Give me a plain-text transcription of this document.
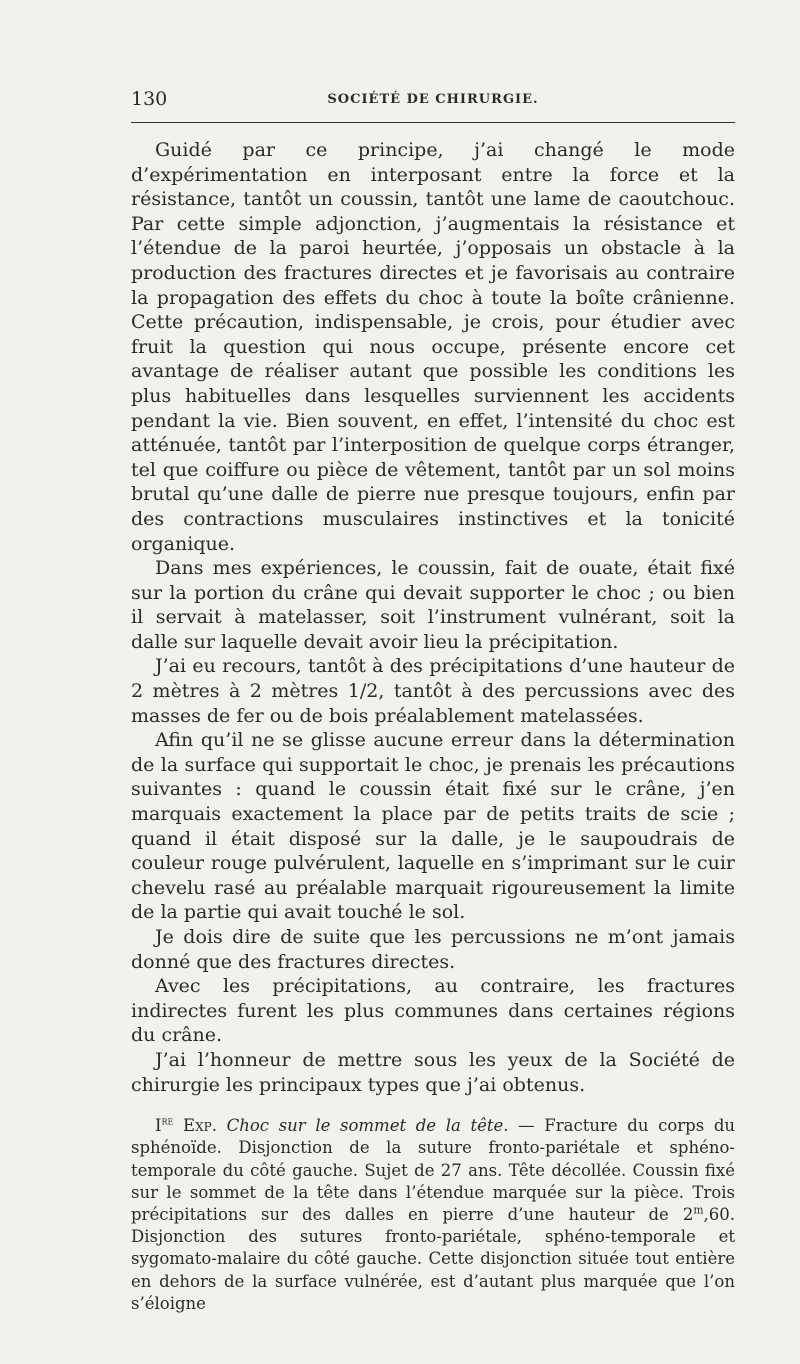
130	SOCIÉTÉ DE CHIRURGIE.

Guidé par ce principe, j’ai changé le mode d’expérimentation en interposant entre la force et la résistance, tantôt un coussin, tantôt une lame de caoutchouc. Par cette simple adjonction, j’augmentais la résistance et l’étendue de la paroi heurtée, j’opposais un obstacle à la production des fractures directes et je favorisais au contraire la propagation des effets du choc à toute la boîte crânienne. Cette précaution, indispensable, je crois, pour étudier avec fruit la question qui nous occupe, présente encore cet avantage de réaliser autant que possible les conditions les plus habituelles dans lesquelles surviennent les accidents pendant la vie. Bien souvent, en effet, l’intensité du choc est atténuée, tantôt par l’interposition de quelque corps étranger, tel que coiffure ou pièce de vêtement, tantôt par un sol moins brutal qu’une dalle de pierre nue presque toujours, enfin par des contractions musculaires instinctives et la tonicité organique.

Dans mes expériences, le coussin, fait de ouate, était fixé sur la portion du crâne qui devait supporter le choc ; ou bien il servait à matelasser, soit l’instrument vulnérant, soit la dalle sur laquelle devait avoir lieu la précipitation.

J’ai eu recours, tantôt à des précipitations d’une hauteur de 2 mètres à 2 mètres 1/2, tantôt à des percussions avec des masses de fer ou de bois préalablement matelassées.

Afin qu’il ne se glisse aucune erreur dans la détermination de la surface qui supportait le choc, je prenais les précautions suivantes : quand le coussin était fixé sur le crâne, j’en marquais exactement la place par de petits traits de scie ; quand il était disposé sur la dalle, je le saupoudrais de couleur rouge pulvérulent, laquelle en s’imprimant sur le cuir chevelu rasé au préalable marquait rigoureusement la limite de la partie qui avait touché le sol.

Je dois dire de suite que les percussions ne m’ont jamais donné que des fractures directes.

Avec les précipitations, au contraire, les fractures indirectes furent les plus communes dans certaines régions du crâne.

J’ai l’honneur de mettre sous les yeux de la Société de chirurgie les principaux types que j’ai obtenus.

Ire Exp. Choc sur le sommet de la tête. — Fracture du corps du sphénoïde. Disjonction de la suture fronto-pariétale et sphéno-temporale du côté gauche. Sujet de 27 ans. Tête décollée. Coussin fixé sur le sommet de la tête dans l’étendue marquée sur la pièce. Trois précipitations sur des dalles en pierre d’une hauteur de 2$^m$,60. Disjonction des sutures fronto-pariétale, sphéno-temporale et sygomato-malaire du côté gauche. Cette disjonction située tout entière en dehors de la surface vulnérée, est d’autant plus marquée que l’on s’éloigne
